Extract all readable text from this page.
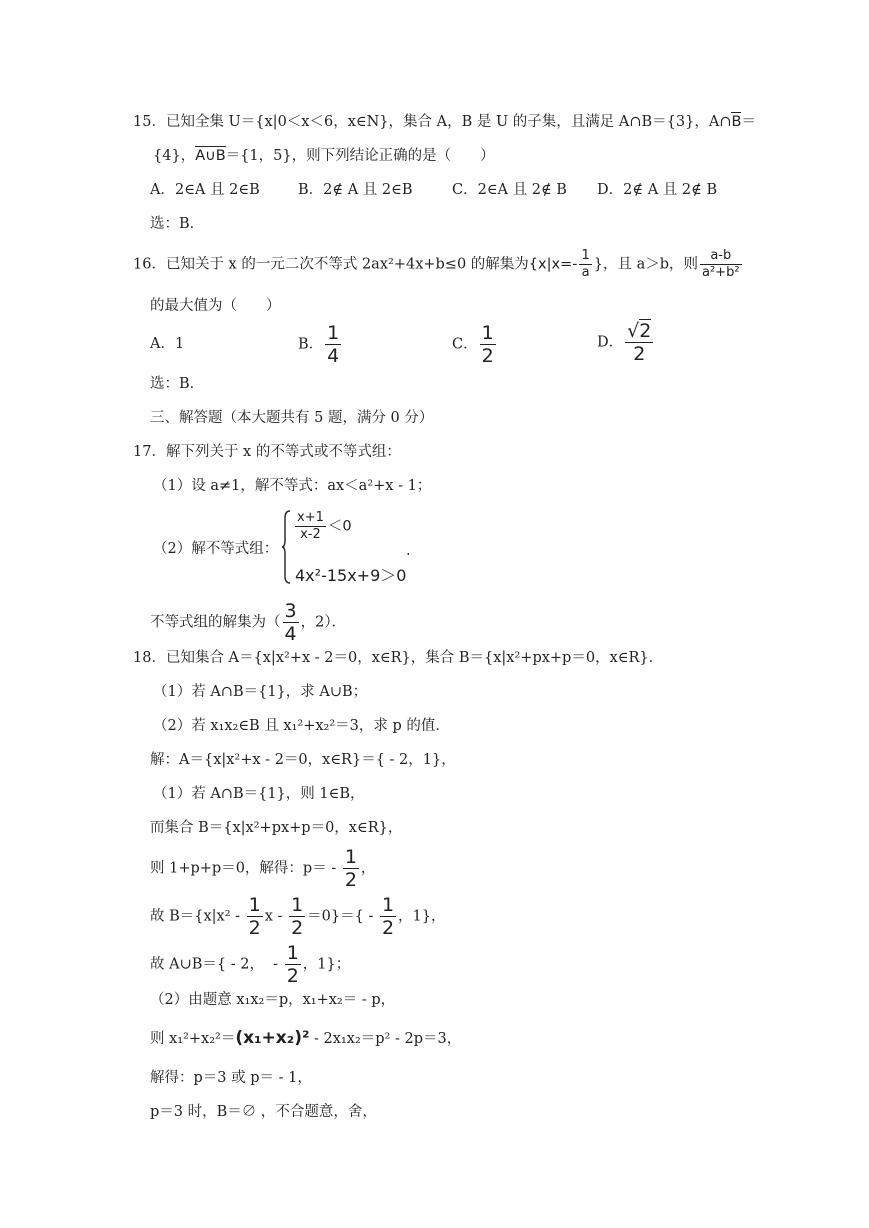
15．已知全集 U＝{x|0＜x＜6，x∈N}，集合 A，B 是 U 的子集，且满足 A∩B＝{3}，A∩B＝
{4}，A∪B＝{1，5}，则下列结论正确的是（　　）
A．2∈A 且 2∈B	B．2∉ A 且 2∈B	C．2∈A 且 2∉ B D．2∉ A 且 2∉ B
选：B．
16．已知关于 x 的一元二次不等式 2ax²+4x+b≤0 的解集为{$x|x=- \frac{1}{a}$ }，且 a＞b，则 $\frac{a-b}{\text{a²+b²}}$
的最大值为（　　）
A．1	B． $\frac{1}{4}$	C． $\frac{1}{2}$	D． $\frac{√2}{2}$
选：B．
三、解答题（本大题共有 5 题，满分 0 分）
17．解下列关于 x 的不等式或不等式组：
（1）设 a≠1，解不等式：ax＜a²+x - 1；
（2）解不等式组：
$\frac{x+1}{x-2} <0$
4x²-15x+9＞0
.
不等式组的解集为（ $\frac{3}{4}$ ，2）．
18．已知集合 A＝{x|x²+x - 2＝0，x∈R}，集合 B＝{x|x²+px+p＝0，x∈R}．
（1）若 A∩B＝{1}，求 A∪B；
（2）若 x₁x₂∈B 且 x₁²+x₂²＝3，求 p 的值．
解：A＝{x|x²+x - 2＝0，x∈R}＝{ - 2，1}，
（1）若 A∩B＝{1}，则 1∈B，
而集合 B＝{x|x²+px+p＝0，x∈R}，
则 1+p+p＝0，解得：$p= - \frac{1}{2}$ ，
故 $B=\{x|x^2 - \frac{1}{2}$ $x - \frac{1}{2} =0\}=\{ - \frac{1}{2}$ ，1}，
故 A∪B＝{ - 2，  - $\frac{1}{2}$ ，1}；
（2）由题意 x₁x₂＝p，x₁+x₂＝ - p，
则 x₁²+x₂²＝(x₁+x₂)² - 2x₁x₂＝p² - 2p＝3，
解得：p＝3 或 p＝ - 1，
p＝3 时，B＝∅ ，不合题意，舍，
